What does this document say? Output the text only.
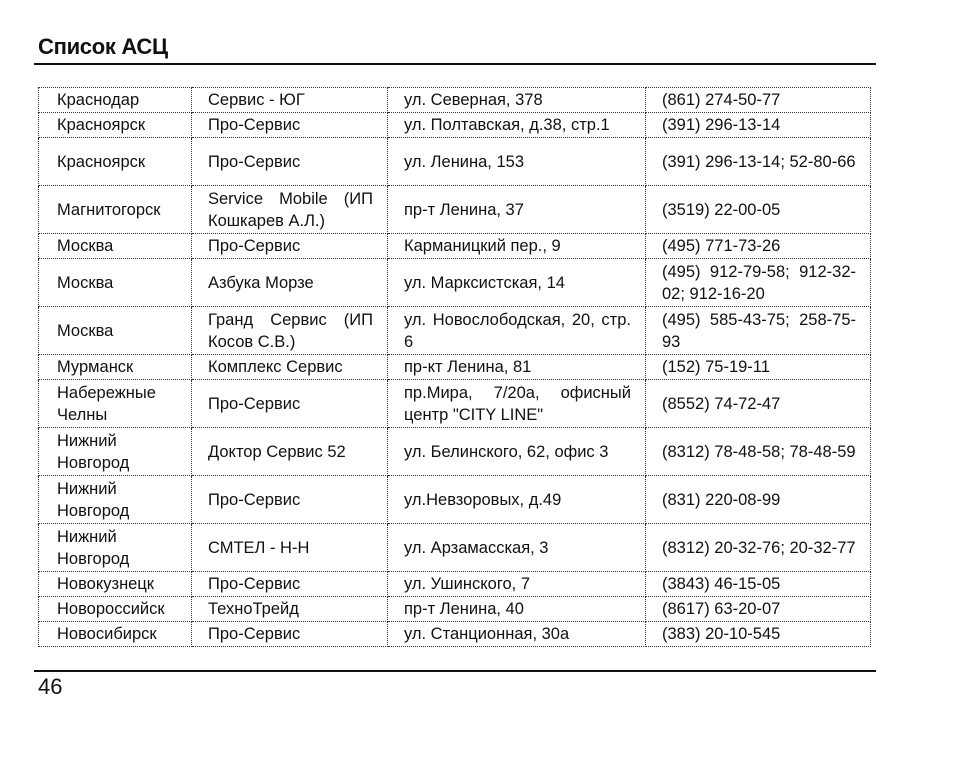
Список АСЦ
Краснодар	Сервис - ЮГ	ул. Северная, 378	(861) 274-50-77
Красноярск	Про-Сервис	ул. Полтавская, д.38, стр.1	(391) 296-13-14
Красноярск	Про-Сервис	ул. Ленина, 153	(391) 296-13-14; 52-80-66
Магнитогорск	Service Mobile (ИП Кошкарев А.Л.)	пр-т Ленина, 37	(3519) 22-00-05
Москва	Про-Сервис	Карманицкий пер., 9	(495) 771-73-26
Москва	Азбука Морзе	ул. Марксистская, 14	(495) 912-79-58; 912-32-02; 912-16-20
Москва	Гранд Сервис (ИП Косов С.В.)	ул. Новослободская, 20, стр. 6	(495) 585-43-75; 258-75-93
Мурманск	Комплекс Сервис	пр-кт Ленина, 81	(152) 75-19-11
Набережные Челны	Про-Сервис	пр.Мира, 7/20а, офисный центр "CITY LINE"	(8552) 74-72-47
Нижний Новгород	Доктор Сервис 52	ул. Белинского, 62, офис 3	(8312) 78-48-58; 78-48-59
Нижний Новгород	Про-Сервис	ул.Невзоровых, д.49	(831) 220-08-99
Нижний Новгород	СМТЕЛ - Н-Н	ул. Арзамасская, 3	(8312) 20-32-76; 20-32-77
Новокузнецк	Про-Сервис	ул. Ушинского, 7	(3843) 46-15-05
Новороссийск	ТехноТрейд	пр-т Ленина, 40	(8617) 63-20-07
Новосибирск	Про-Сервис	ул. Станционная, 30а	(383) 20-10-545
46
